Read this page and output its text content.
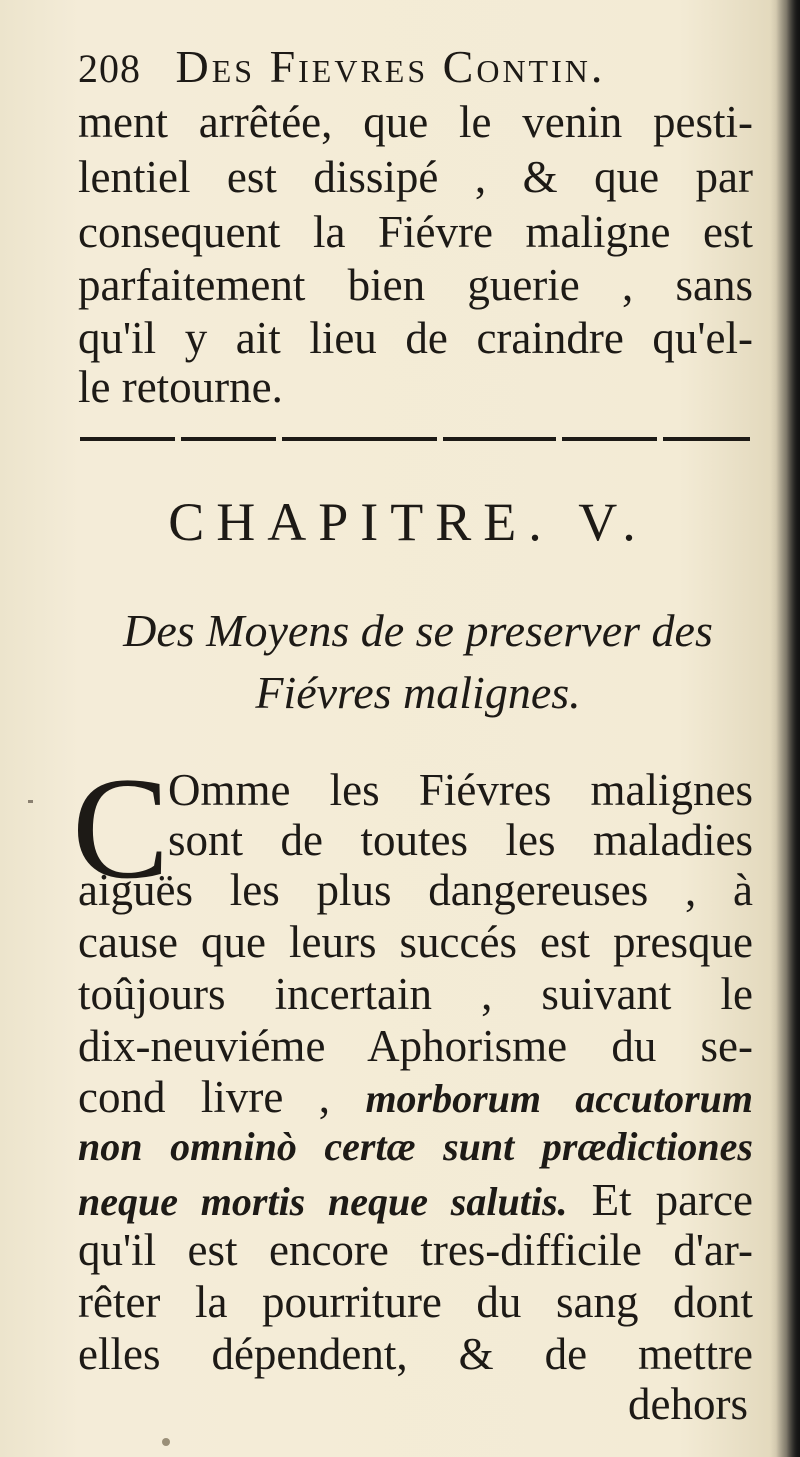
208 Des Fievres Contin.
ment arrêtée, que le venin pesti-
lentiel est dissipé , & que par
consequent la Fiévre maligne est
parfaitement bien guerie , sans
qu'il y ait lieu de craindre qu'el-
le retourne.
CHAPITRE. V.
Des Moyens de se preserver des
Fiévres malignes.
C
Omme les Fiévres malignes
sont de toutes les maladies
aiguës les plus dangereuses , à
cause que leurs succés est presque
toûjours incertain , suivant le
dix-neuviéme Aphorisme du se-
cond livre , morborum accutorum
non omninò certæ sunt prædictiones
neque mortis neque salutis. Et parce
qu'il est encore tres-difficile d'ar-
rêter la pourriture du sang dont
elles dépendent, & de mettre
dehors
